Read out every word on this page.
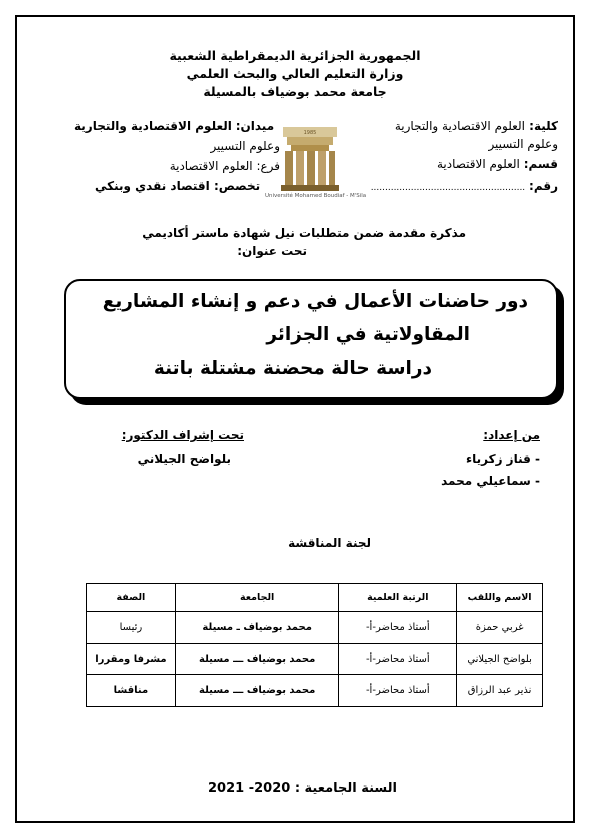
الجمهورية الجزائرية الديمقراطية الشعبية
وزارة التعليم العالي والبحث العلمي
جامعة محمد بوضياف بالمسيلة
كلية: العلوم الاقتصادية والتجارية
وعلوم التسيير
قسم: العلوم الاقتصادية
رقم: ......................................................
ميدان: العلوم الاقتصادية والتجارية
وعلوم التسيير
فرع: العلوم الاقتصادية
تخصص: اقتصاد نقدي وبنكي
1985
Université Mohamed Boudiaf - M'Sila
مذكرة مقدمة ضمن متطلبات نيل شهادة ماستر أكاديمي
تحت عنوان:
دور حاضنات الأعمال في دعم و إنشاء المشاريع
المقاولاتية في الجزائر
دراسة حالة محضنة مشتلة باتنة
من إعداد:
- قناز زكرياء
- سماعيلي محمد
تحت إشراف الدكتور:
بلواضح الجيلاني
لجنة المناقشة
الاسم واللقب	الرتبة العلمية	الجامعة	الصفة
غربي حمزة	أستاذ محاضر-أ-	محمد بوضياف ـ مسيلة	رئيسا
بلواضح الجيلاني	أستاذ محاضر-أ-	محمد بوضياف ـــ مسيلة	مشرفا ومقررا
نذير عبد الرزاق	أستاذ محاضر-أ-	محمد بوضياف ـــ مسيلة	مناقشا
السنة الجامعية : 2020- 2021
